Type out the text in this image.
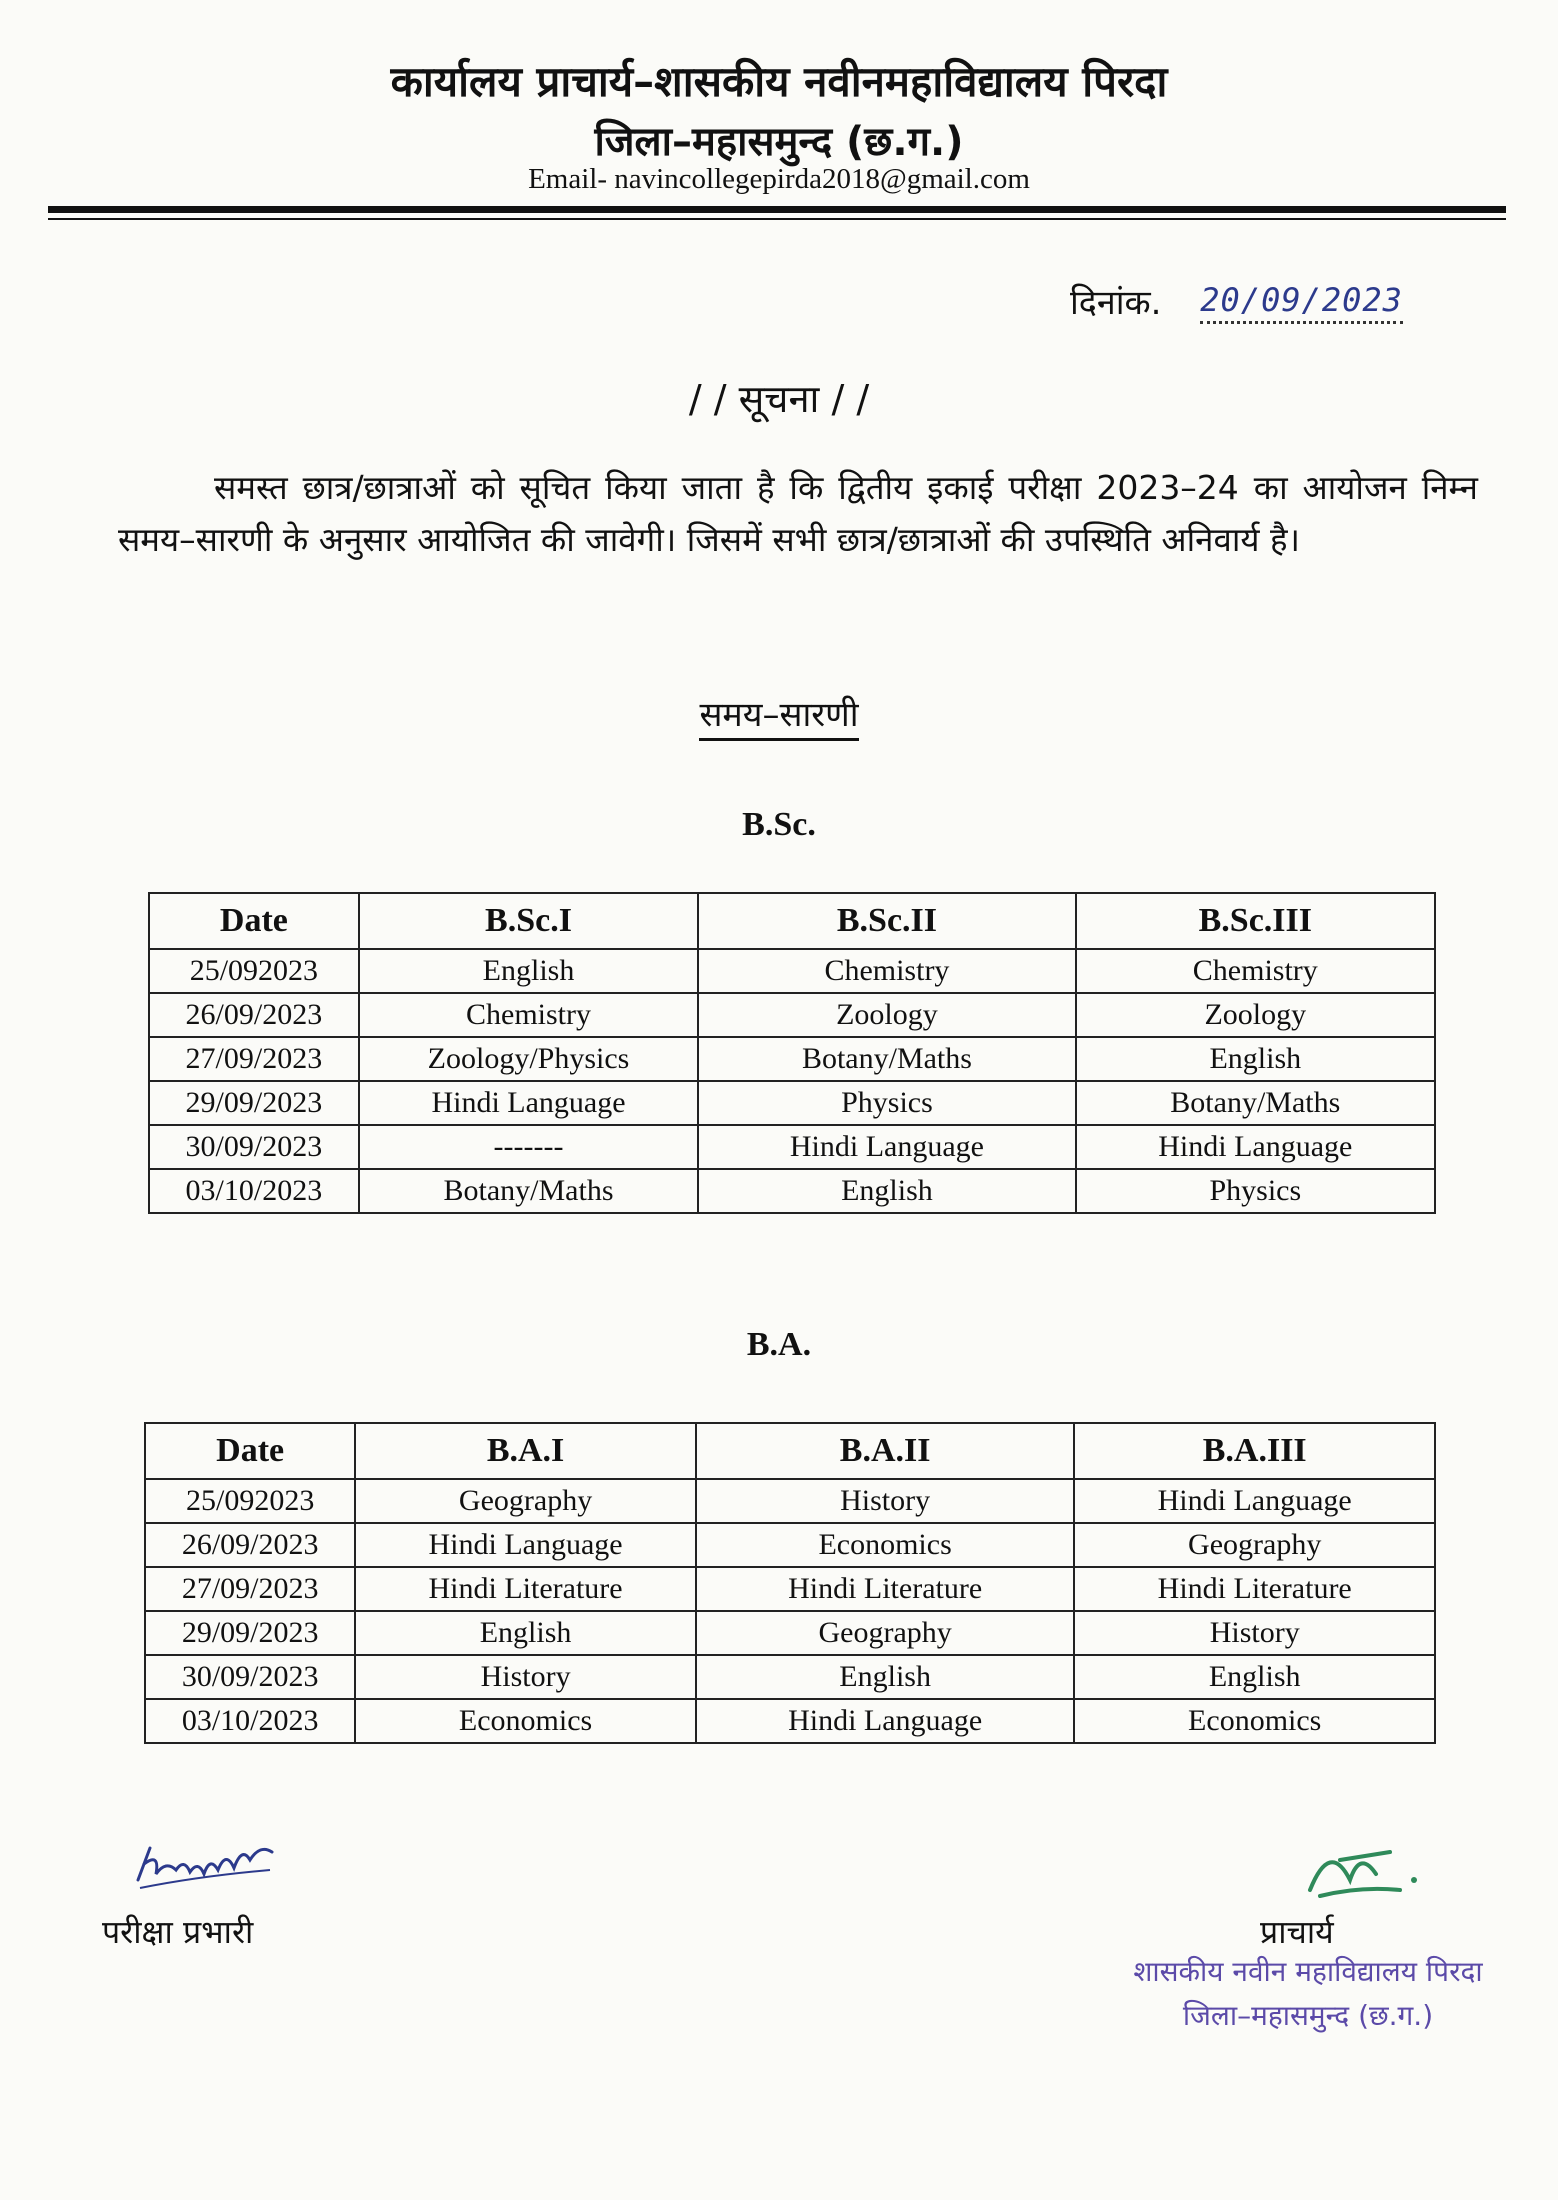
कार्यालय प्राचार्य–शासकीय नवीनमहाविद्यालय पिरदा
जिला–महासमुन्द (छ.ग.)
Email- navincollegepirda2018@gmail.com
दिनांक. 20/09/2023
/ / सूचना / /
समस्त छात्र/छात्राओं को सूचित किया जाता है कि द्वितीय इकाई परीक्षा 2023–24 का आयोजन निम्न समय–सारणी के अनुसार आयोजित की जावेगी। जिसमें सभी छात्र/छात्राओं की उपस्थिति अनिवार्य है।
समय–सारणी
B.Sc.
Date	B.Sc.I	B.Sc.II	B.Sc.III
25/092023	English	Chemistry	Chemistry
26/09/2023	Chemistry	Zoology	Zoology
27/09/2023	Zoology/Physics	Botany/Maths	English
29/09/2023	Hindi Language	Physics	Botany/Maths
30/09/2023	-------	Hindi Language	Hindi Language
03/10/2023	Botany/Maths	English	Physics
B.A.
Date	B.A.I	B.A.II	B.A.III
25/092023	Geography	History	Hindi Language
26/09/2023	Hindi Language	Economics	Geography
27/09/2023	Hindi Literature	Hindi Literature	Hindi Literature
29/09/2023	English	Geography	History
30/09/2023	History	English	English
03/10/2023	Economics	Hindi Language	Economics
परीक्षा प्रभारी	प्राचार्य
शासकीय नवीन महाविद्यालय पिरदा
जिला–महासमुन्द (छ.ग.)
